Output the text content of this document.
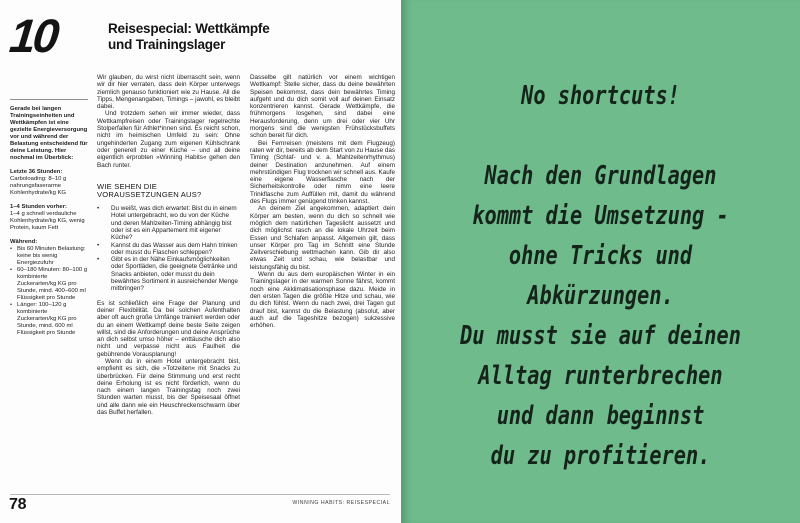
10	Reisespecial: Wettkämpfe
und Trainingslager

Gerade bei langen Trainingseinheiten und Wettkämpfen ist eine gezielte Energieversorgung vor und während der Belastung entscheidend für deine Leistung. Hier nochmal im Überblick:

Letzte 36 Stunden:

Carboloading: 8–10 g nahrungsfaserarme Kohlenhydrate/kg KG

1–4 Stunden vorher:

1–4 g schnell verdauliche Kohlenhydrate/kg KG, wenig Protein, kaum Fett

Während:

• Bis 60 Minuten Belastung: keine bis wenig Energiezufuhr
• 60–180 Minuten: 80–100 g kombinierte Zuckerarten/kg KG pro Stunde, mind. 400–600 ml Flüssigkeit pro Stunde
• Länger: 100–120 g kombinierte Zuckerarten/kg KG pro Stunde, mind. 600 ml Flüssigkeit pro Stunde

Wir glauben, du wirst nicht überrascht sein, wenn wir dir hier verraten, dass dein Körper unterwegs ziemlich genauso funktioniert wie zu Hause. All die Tipps, Mengenangaben, Timings – jawohl, es bleibt dabei.

Und trotzdem sehen wir immer wieder, dass Wettkampfreisen oder Trainingslager regelrechte Stolperfallen für Athlet*innen sind. Es reicht schon, nicht im heimischen Umfeld zu sein: Ohne ungehinderten Zugang zum eigenen Kühlschrank oder generell zu einer Küche – und all deine eigentlich erprobten »Winning Habits« gehen den Bach runter.

WIE SEHEN DIE
VORAUSSETZUNGEN AUS?
• Du weißt, was dich erwartet: Bist du in einem Hotel untergebracht, wo du von der Küche und deren Mahlzeiten-Timing abhängig bist oder ist es ein Appartement mit eigener Küche?
• Kannst du das Wasser aus dem Hahn trinken oder musst du Flaschen schleppen?
• Gibt es in der Nähe Einkaufsmöglichkeiten oder Sportläden, die geeignete Getränke und Snacks anbieten, oder musst du dein bewährtes Sortiment in ausreichender Menge mitbringen?

Es ist schließlich eine Frage der Planung und deiner Flexibilität. Da bei solchen Aufenthalten aber oft auch große Umfänge trainiert werden oder du an einem Wettkampf deine beste Seite zeigen willst, sind die Anforderungen und deine Ansprüche an dich selbst umso höher – enttäusche dich also nicht und verpasse nicht aus Faulheit die gebührende Vorausplanung!

Wenn du in einem Hotel untergebracht bist, empfiehlt es sich, die »Totzeiten« mit Snacks zu überbrücken. Für deine Stimmung und erst recht deine Erholung ist es nicht förderlich, wenn du nach einem langen Trainingstag noch zwei Stunden warten musst, bis der Speisesaal öffnet und alle dann wie ein Heuschreckenschwarm über das Buffet herfallen.

Dasselbe gilt natürlich vor einem wichtigen Wettkampf: Stelle sicher, dass du deine bewährten Speisen bekommst, dass dein bewährtes Timing aufgeht und du dich somit voll auf deinen Einsatz konzentrieren kannst. Gerade Wettkämpfe, die frühmorgens losgehen, sind dabei eine Herausforderung, denn um drei oder vier Uhr morgens sind die wenigsten Frühstücksbuffets schon bereit für dich.

Bei Fernreisen (meistens mit dem Flugzeug) raten wir dir, bereits ab dem Start von zu Hause das Timing (Schlaf- und v. a. Mahlzeitenrhythmus) deiner Destination anzunehmen. Auf einem mehrstündigen Flug trocknen wir schnell aus. Kaufe eine eigene Wasserflasche nach der Sicherheitskontrolle oder nimm eine leere Trinkflasche zum Auffüllen mit, damit du während des Flugs immer genügend trinken kannst.

An deinem Ziel angekommen, adaptiert dein Körper am besten, wenn du dich so schnell wie möglich dem natürlichen Tageslicht aussetzt und dich möglichst rasch an die lokale Uhrzeit beim Essen und Schlafen anpasst. Allgemein gilt, dass unser Körper pro Tag im Schnitt eine Stunde Zeitverschiebung wettmachen kann. Gib dir also etwas Zeit und schau, wie belastbar und leistungsfähig du bist.

Wenn du aus dem europäischen Winter in ein Trainingslager in der warmen Sonne fährst, kommt noch eine Akklimatisationsphase dazu. Meide in den ersten Tagen die größte Hitze und schau, wie du dich fühlst. Wenn du nach zwei, drei Tagen gut drauf bist, kannst du die Belastung (absolut, aber auch auf die Tageshitze bezogen) sukzessive erhöhen.

78	WINNING HABITS: REISESPECIAL

No shortcuts!

Nach den Grundlagen

kommt die Umsetzung -

ohne Tricks und Abkürzungen.

Du musst sie auf deinen

Alltag runterbrechen

und dann beginnst

du zu profitieren.
